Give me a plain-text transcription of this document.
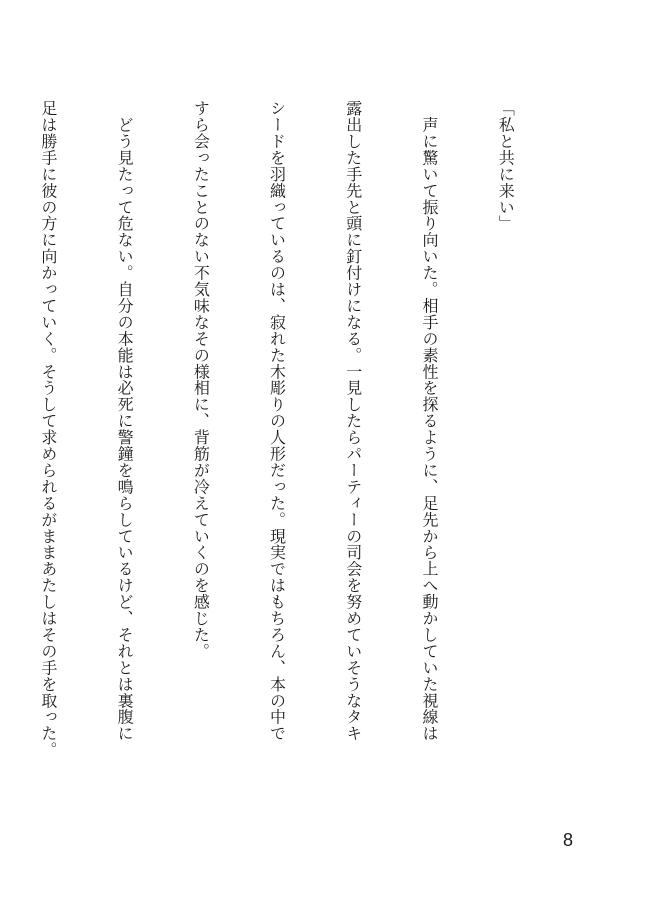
「私と共に来い」

　声に驚いて振り向いた。相手の素性を探るように、足先から上へ動かしていた視線は

露出した手先と頭に釘付けになる。一見したらパーティーの司会を努めていそうなタキ

シードを羽織っているのは、寂れた木彫りの人形だった。現実ではもちろん、本の中で

すら会ったことのない不気味なその様相に、背筋が冷えていくのを感じた。

　どう見たって危ない。自分の本能は必死に警鐘を鳴らしているけど、それとは裏腹に

足は勝手に彼の方に向かっていく。そうして求められるがままあたしはその手を取った。

8
